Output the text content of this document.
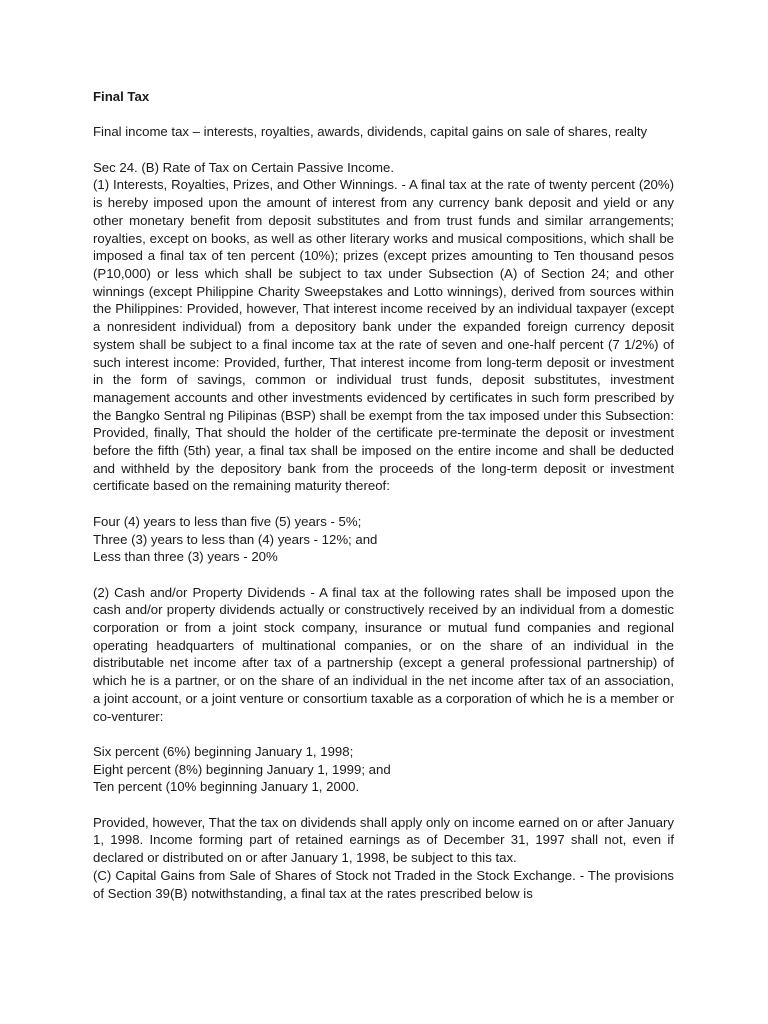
Final Tax

Final income tax – interests, royalties, awards, dividends, capital gains on sale of shares, realty

Sec 24. (B) Rate of Tax on Certain Passive Income.

(1) Interests, Royalties, Prizes, and Other Winnings. - A final tax at the rate of twenty percent (20%) is hereby imposed upon the amount of interest from any currency bank deposit and yield or any other monetary benefit from deposit substitutes and from trust funds and similar arrangements; royalties, except on books, as well as other literary works and musical compositions, which shall be imposed a final tax of ten percent (10%); prizes (except prizes amounting to Ten thousand pesos (P10,000) or less which shall be subject to tax under Subsection (A) of Section 24; and other winnings (except Philippine Charity Sweepstakes and Lotto winnings), derived from sources within the Philippines: Provided, however, That interest income received by an individual taxpayer (except a nonresident individual) from a depository bank under the expanded foreign currency deposit system shall be subject to a final income tax at the rate of seven and one-half percent (7 1/2%) of such interest income: Provided, further, That interest income from long-term deposit or investment in the form of savings, common or individual trust funds, deposit substitutes, investment management accounts and other investments evidenced by certificates in such form prescribed by the Bangko Sentral ng Pilipinas (BSP) shall be exempt from the tax imposed under this Subsection: Provided, finally, That should the holder of the certificate pre-terminate the deposit or investment before the fifth (5th) year, a final tax shall be imposed on the entire income and shall be deducted and withheld by the depository bank from the proceeds of the long-term deposit or investment certificate based on the remaining maturity thereof:

Four (4) years to less than five (5) years - 5%;

Three (3) years to less than (4) years - 12%; and

Less than three (3) years - 20%

(2) Cash and/or Property Dividends - A final tax at the following rates shall be imposed upon the cash and/or property dividends actually or constructively received by an individual from a domestic corporation or from a joint stock company, insurance or mutual fund companies and regional operating headquarters of multinational companies, or on the share of an individual in the distributable net income after tax of a partnership (except a general professional partnership) of which he is a partner, or on the share of an individual in the net income after tax of an association, a joint account, or a joint venture or consortium taxable as a corporation of which he is a member or co-venturer:

Six percent (6%) beginning January 1, 1998;

Eight percent (8%) beginning January 1, 1999; and

Ten percent (10% beginning January 1, 2000.

Provided, however, That the tax on dividends shall apply only on income earned on or after January 1, 1998. Income forming part of retained earnings as of December 31, 1997 shall not, even if declared or distributed on or after January 1, 1998, be subject to this tax.

(C) Capital Gains from Sale of Shares of Stock not Traded in the Stock Exchange. - The provisions of Section 39(B) notwithstanding, a final tax at the rates prescribed below is
